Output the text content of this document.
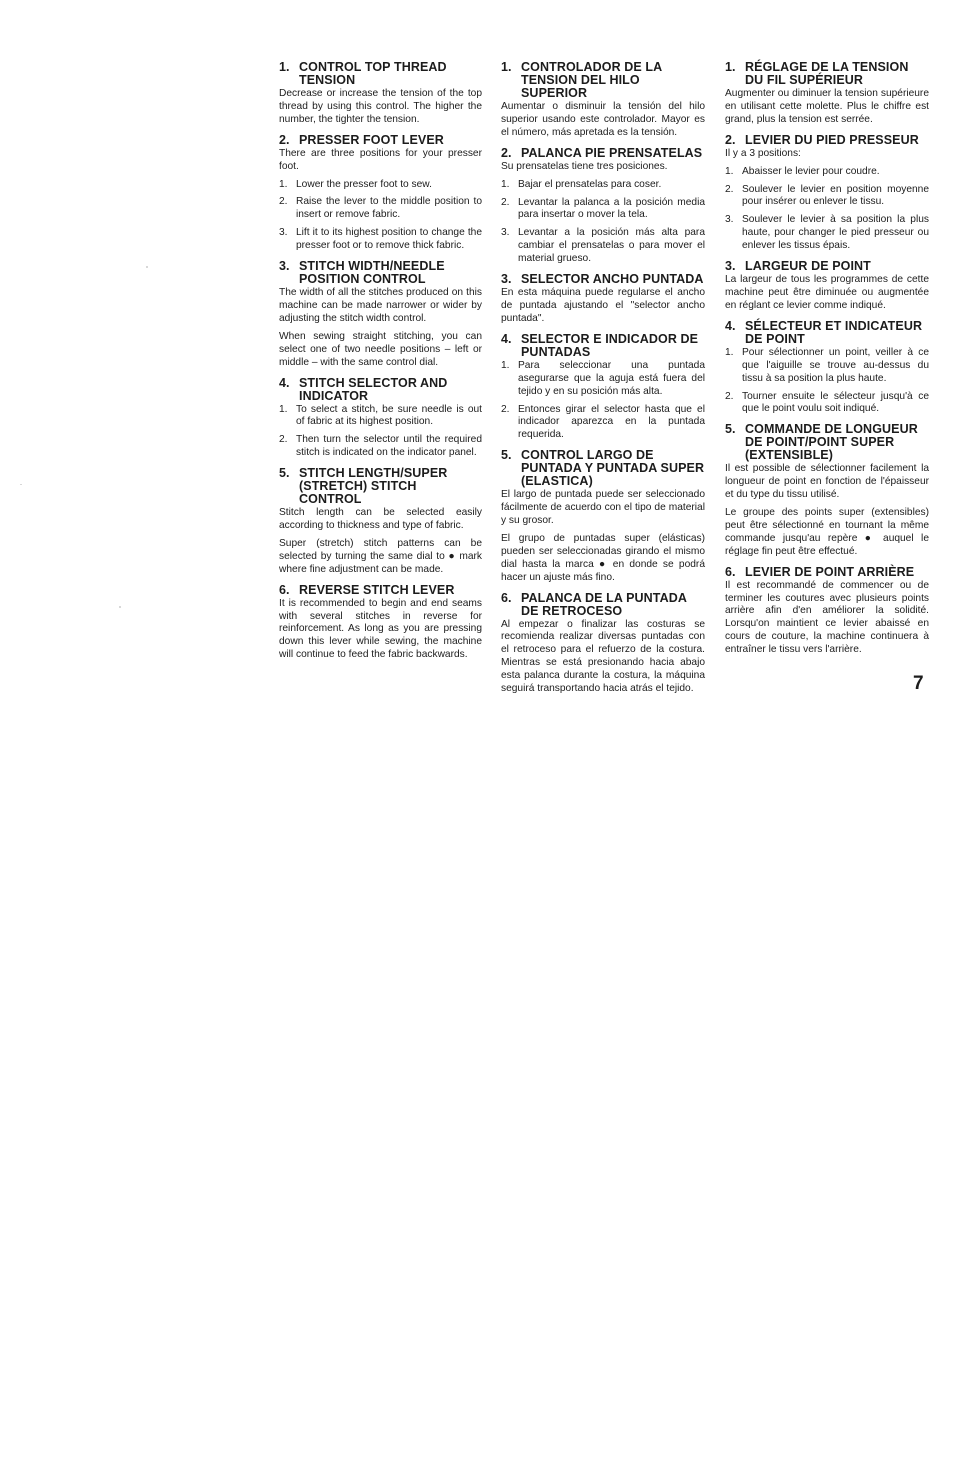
1. CONTROL TOP THREAD TENSION

Decrease or increase the tension of the top thread by using this control. The higher the number, the tighter the tension.

2. PRESSER FOOT LEVER

There are three positions for your presser foot.

1. Lower the presser foot to sew.
2. Raise the lever to the middle position to insert or remove fabric.
3. Lift it to its highest position to change the presser foot or to remove thick fabric.
3. STITCH WIDTH/NEEDLE POSITION CONTROL

The width of all the stitches produced on this machine can be made narrower or wider by adjusting the stitch width control.

When sewing straight stitching, you can select one of two needle positions – left or middle – with the same control dial.

4. STITCH SELECTOR AND INDICATOR
1. To select a stitch, be sure needle is out of fabric at its highest position.
2. Then turn the selector until the required stitch is indicated on the indicator panel.
5. STITCH LENGTH/SUPER (STRETCH) STITCH CONTROL

Stitch length can be selected easily according to thickness and type of fabric.

Super (stretch) stitch patterns can be selected by turning the same dial to ● mark where fine adjustment can be made.

6. REVERSE STITCH LEVER

It is recommended to begin and end seams with several stitches in reverse for reinforcement. As long as you are pressing down this lever while sewing, the machine will continue to feed the fabric backwards.

1. CONTROLADOR DE LA TENSION DEL HILO SUPERIOR

Aumentar o disminuir la tensión del hilo superior usando este controlador. Mayor es el número, más apretada es la tensión.

2. PALANCA PIE PRENSATELAS

Su prensatelas tiene tres posiciones.

1. Bajar el prensatelas para coser.
2. Levantar la palanca a la posición media para insertar o mover la tela.
3. Levantar a la posición más alta para cambiar el prensatelas o para mover el material grueso.
3. SELECTOR ANCHO PUNTADA

En esta máquina puede regularse el ancho de puntada ajustando el "selector ancho puntada".

4. SELECTOR E INDICADOR DE PUNTADAS
1. Para seleccionar una puntada asegurarse que la aguja está fuera del tejido y en su posición más alta.
2. Entonces girar el selector hasta que el indicador aparezca en la puntada requerida.
5. CONTROL LARGO DE PUNTADA Y PUNTADA SUPER (ELASTICA)

El largo de puntada puede ser seleccionado fácilmente de acuerdo con el tipo de material y su grosor.

El grupo de puntadas super (elásticas) pueden ser seleccionadas girando el mismo dial hasta la marca ● en donde se podrá hacer un ajuste más fino.

6. PALANCA DE LA PUNTADA DE RETROCESO

Al empezar o finalizar las costuras se recomienda realizar diversas puntadas con el retroceso para el refuerzo de la costura. Mientras se está presionando hacia abajo esta palanca durante la costura, la máquina seguirá transportando hacia atrás el tejido.

1. RÉGLAGE DE LA TENSION DU FIL SUPÉRIEUR

Augmenter ou diminuer la tension supérieure en utilisant cette molette. Plus le chiffre est grand, plus la tension est serrée.

2. LEVIER DU PIED PRESSEUR

Il y a 3 positions:

1. Abaisser le levier pour coudre.
2. Soulever le levier en position moyenne pour insérer ou enlever le tissu.
3. Soulever le levier à sa position la plus haute, pour changer le pied presseur ou enlever les tissus épais.
3. LARGEUR DE POINT

La largeur de tous les programmes de cette machine peut être diminuée ou augmentée en réglant ce levier comme indiqué.

4. SÉLECTEUR ET INDICATEUR DE POINT
1. Pour sélectionner un point, veiller à ce que l'aiguille se trouve au-dessus du tissu à sa position la plus haute.
2. Tourner ensuite le sélecteur jusqu'à ce que le point voulu soit indiqué.
5. COMMANDE DE LONGUEUR DE POINT/POINT SUPER (EXTENSIBLE)

Il est possible de sélectionner facilement la longueur de point en fonction de l'épaisseur et du type du tissu utilisé.

Le groupe des points super (extensibles) peut être sélectionné en tournant la même commande jusqu'au repère ● auquel le réglage fin peut être effectué.

6. LEVIER DE POINT ARRIÈRE

Il est recommandé de commencer ou de terminer les coutures avec plusieurs points arrière afin d'en améliorer la solidité. Lorsqu'on maintient ce levier abaissé en cours de couture, la machine continuera à entraîner le tissu vers l'arrière.

7
